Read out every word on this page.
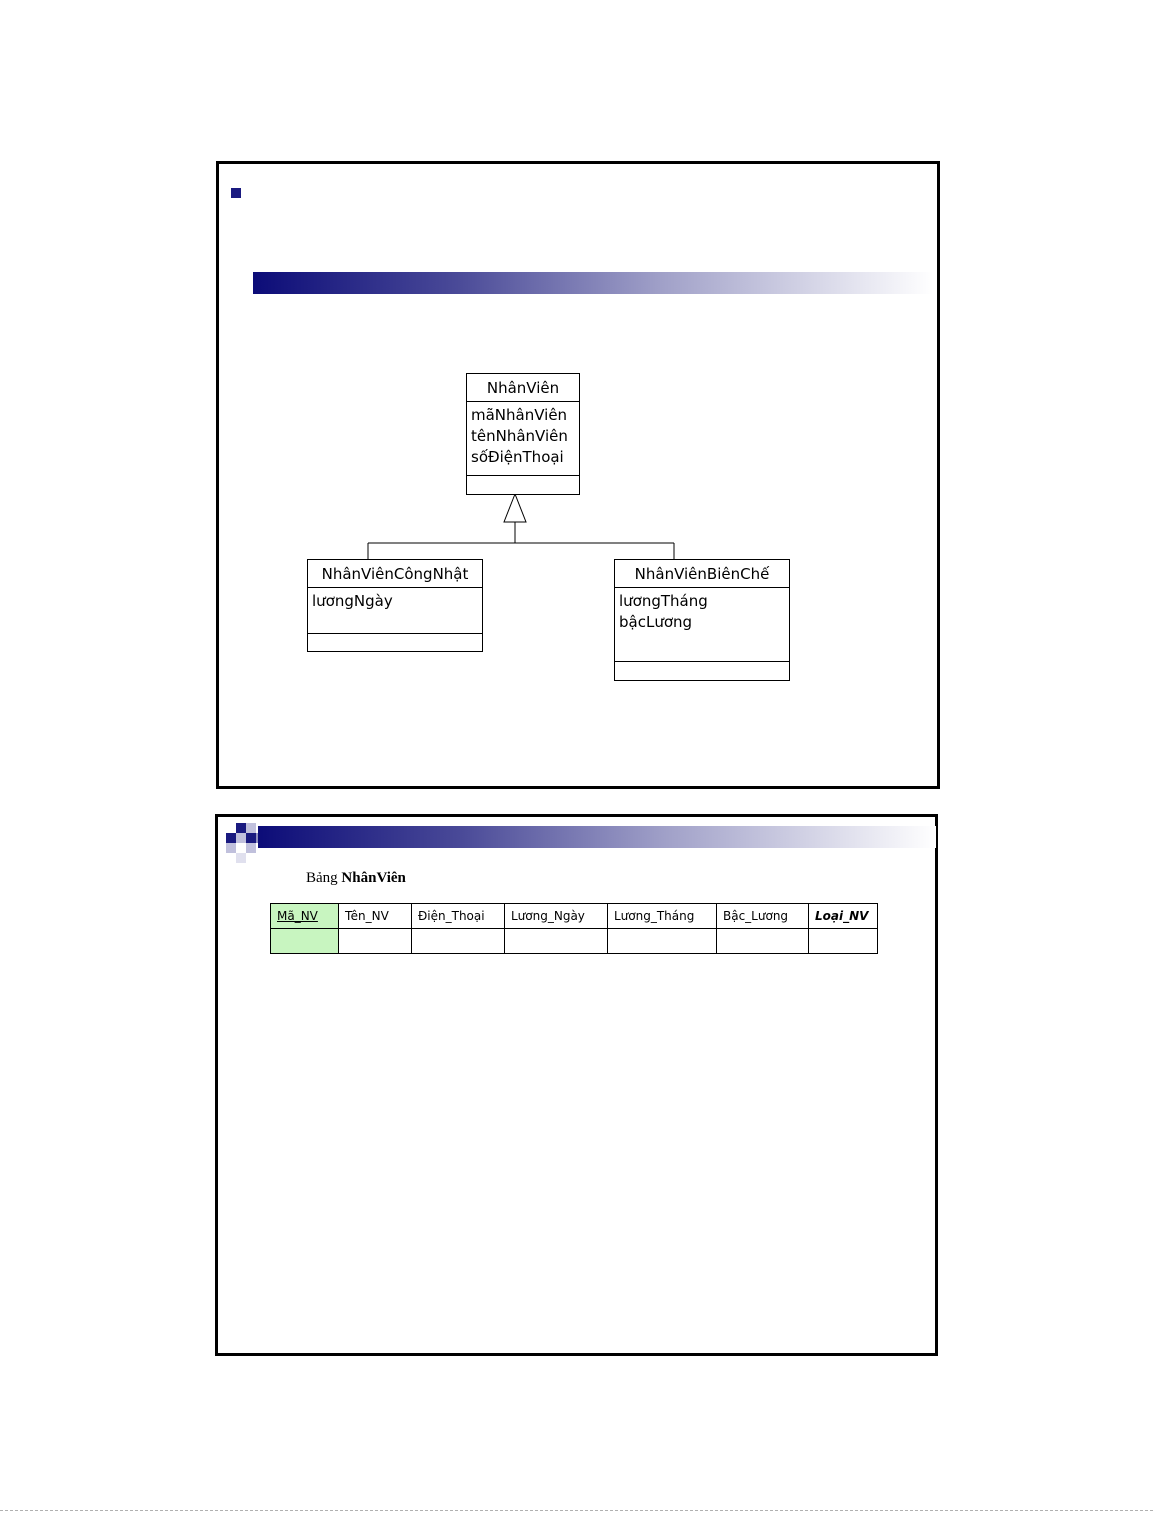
NhânViên
mãNhânViên
tênNhânViên
sốĐiệnThoại
NhânViênCôngNhật
lươngNgày
NhânViênBiênChế
lươngTháng
bậcLương
Bảng NhânViên
Mã_NV	Tên_NV	Điện_Thoại	Lương_Ngày	Lương_Tháng	Bậc_Lương	Loại_NV
